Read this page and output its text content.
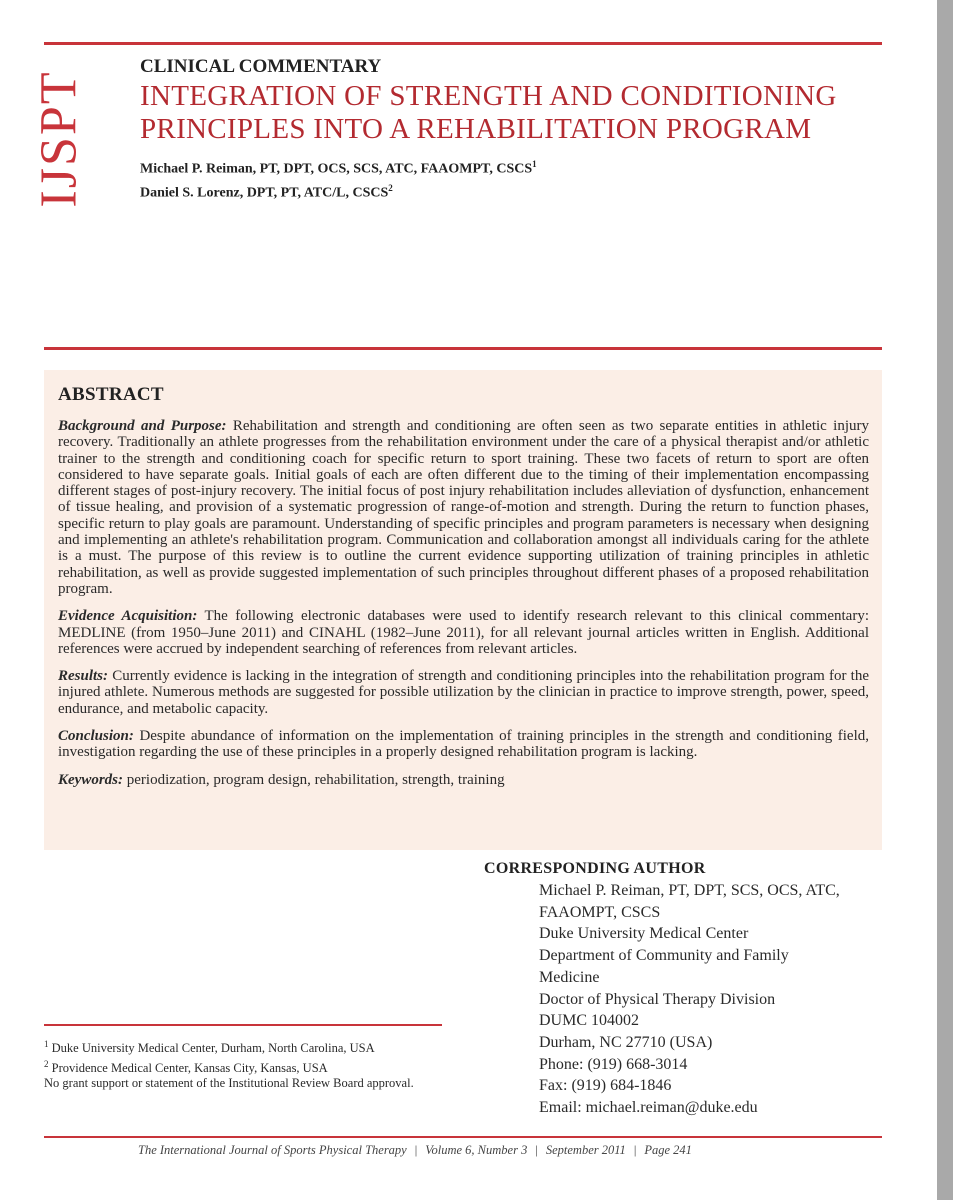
IJSPT
CLINICAL COMMENTARY
INTEGRATION OF STRENGTH AND CONDITIONING
PRINCIPLES INTO A REHABILITATION PROGRAM
Michael P. Reiman, PT, DPT, OCS, SCS, ATC, FAAOMPT, CSCS$^1$
Daniel S. Lorenz, DPT, PT, ATC/L, CSCS$^2$
ABSTRACT

Background and Purpose: Rehabilitation and strength and conditioning are often seen as two separate entities in athletic injury recovery. Traditionally an athlete progresses from the rehabilitation environment under the care of a physical therapist and/or athletic trainer to the strength and conditioning coach for specific return to sport training. These two facets of return to sport are often considered to have separate goals. Initial goals of each are often different due to the timing of their implementation encompassing different stages of post-injury recovery. The initial focus of post injury rehabilitation includes alleviation of dysfunction, enhancement of tissue healing, and provision of a systematic progression of range-of-motion and strength. During the return to function phases, specific return to play goals are paramount. Understanding of specific principles and program parameters is necessary when designing and implementing an athlete's rehabilitation program. Communication and collaboration amongst all individuals caring for the athlete is a must. The purpose of this review is to outline the current evidence supporting utilization of training principles in athletic rehabilitation, as well as provide suggested implementation of such principles throughout different phases of a proposed rehabilitation program.

Evidence Acquisition: The following electronic databases were used to identify research relevant to this clinical commentary: MEDLINE (from 1950–June 2011) and CINAHL (1982–June 2011), for all relevant journal articles written in English. Additional references were accrued by independent searching of references from relevant articles.

Results: Currently evidence is lacking in the integration of strength and conditioning principles into the rehabilitation program for the injured athlete. Numerous methods are suggested for possible utilization by the clinician in practice to improve strength, power, speed, endurance, and metabolic capacity.

Conclusion: Despite abundance of information on the implementation of training principles in the strength and conditioning field, investigation regarding the use of these principles in a properly designed rehabilitation program is lacking.

Keywords: periodization, program design, rehabilitation, strength, training

CORRESPONDING AUTHOR
Michael P. Reiman, PT, DPT, SCS, OCS, ATC,
FAAOMPT, CSCS
Duke University Medical Center
Department of Community and Family
Medicine
Doctor of Physical Therapy Division
DUMC 104002
Durham, NC 27710 (USA)
Phone: (919) 668-3014
Fax: (919) 684-1846
Email: michael.reiman@duke.edu
$^1$ Duke University Medical Center, Durham, North Carolina, USA
$^2$ Providence Medical Center, Kansas City, Kansas, USA
No grant support or statement of the Institutional Review Board approval.
The International Journal of Sports Physical Therapy | Volume 6, Number 3 | September 2011 | Page 241
